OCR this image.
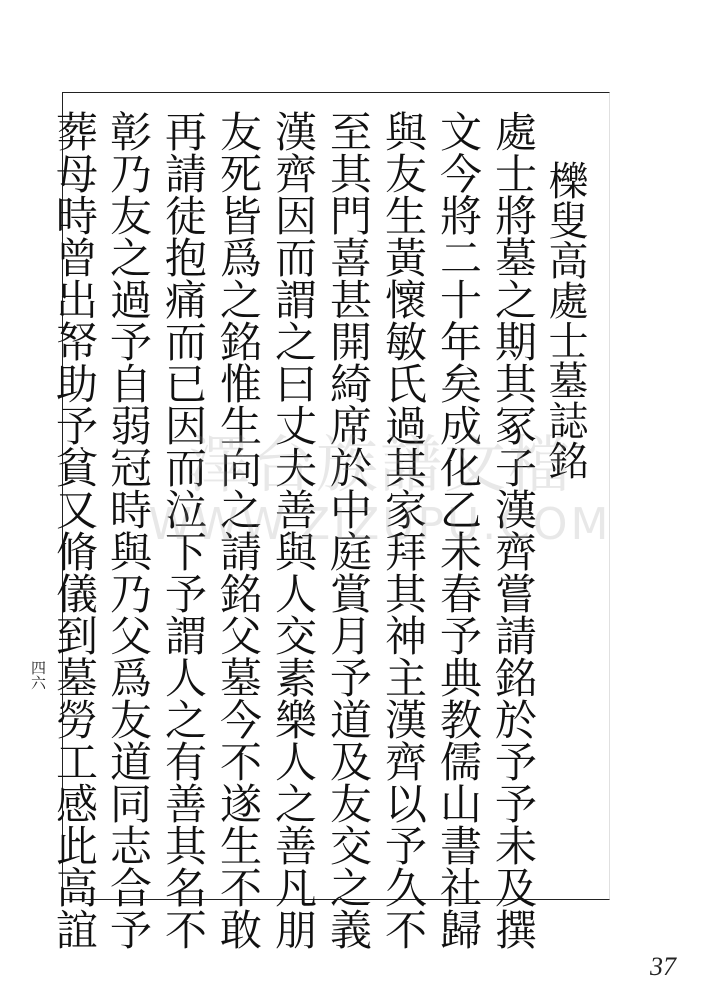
櫟叟高處士墓誌銘
處士將墓之期其冢子漢齊嘗請銘於予予未及撰
文今將二十年矣成化乙未春予典教儒山書社歸
與友生黃懷敏氏過其家拜其神主漢齊以予久不
至其門喜甚開綺席於中庭賞月予道及友交之義
漢齊因而謂之曰丈夫善與人交素樂人之善凡朋
友死皆爲之銘惟生向之請銘父墓今不遂生不敢
再請徒抱痛而已因而泣下予謂人之有善其名不
彰乃友之過予自弱冠時與乃父爲友道同志合予
葬母時曾出帑助予貧又脩儀到墓勞工感此高誼
四六
37
澤台族譜文檔
WWW.ZIZUPU.COM
